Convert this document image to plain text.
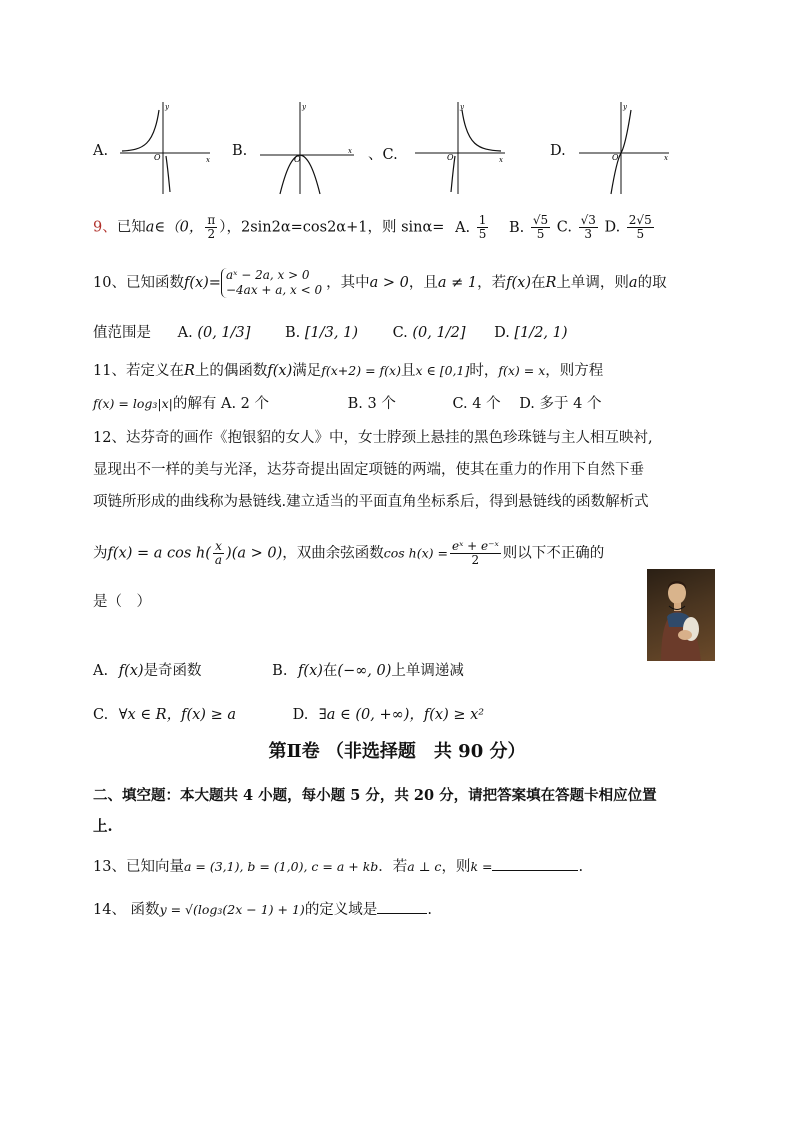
A.
y
x
O	B.
y
x
O	、C.
y
x
O	D.
y
x
O
9、已知a∈（0， $\frac{\pi}{2}$ ），2sin2α=cos2α+1，则 sinα= A. $\frac{1}{5} B$. $\frac{√5}{5} C$. $\frac{√3}{3} D$. $\frac{2√5}{5}$
10、已知函数f(x)= aˣ − 2a, x > 0
−4ax + a, x < 0 ，其中a > 0，且a ≠ 1，若f(x)在R上单调，则a的取
值范围是 A. (0, 1/3] B. [1/3, 1) C. (0, 1/2] D. [1/2, 1)
11、若定义在R上的偶函数f(x)满足f(x+2) = f(x)且x ∈ [0,1]时，f(x) = x，则方程
f(x) = log₃|x|的解有 A. 2 个	B. 3 个	C. 4 个 D. 多于 4 个
12、达芬奇的画作《抱银貂的女人》中，女士脖颈上悬挂的黑色珍珠链与主人相互映衬,
显现出不一样的美与光泽，达芬奇提出固定项链的两端，使其在重力的作用下自然下垂
项链所形成的曲线称为悬链线.建立适当的平面直角坐标系后，得到悬链线的函数解析式
为f(x) = a $\cos h( \frac{x}{a} )(a > 0)$，双曲余弦函数$\cos h(x) = \frac{\text{eˣ + e⁻ˣ}}{2}$ 则以下不正确的
是（　）
A. f(x)是奇函数	B. f(x)在(−∞, 0)上单调递减
C. ∀x ∈ R，f(x) ≥ a	D. ∃a ∈ (0, +∞)，f(x) ≥ x²
第Ⅱ卷 （非选择题　共 90 分）
二、填空题：本大题共 4 小题，每小题 5 分，共 20 分，请把答案填在答题卡相应位置
上.
13、已知向量a = (3,1), b = (1,0), c = a + kb．若a ⊥ c，则k =	.
14、 函数y = √(log₃(2x − 1) + 1)的定义域是	.
